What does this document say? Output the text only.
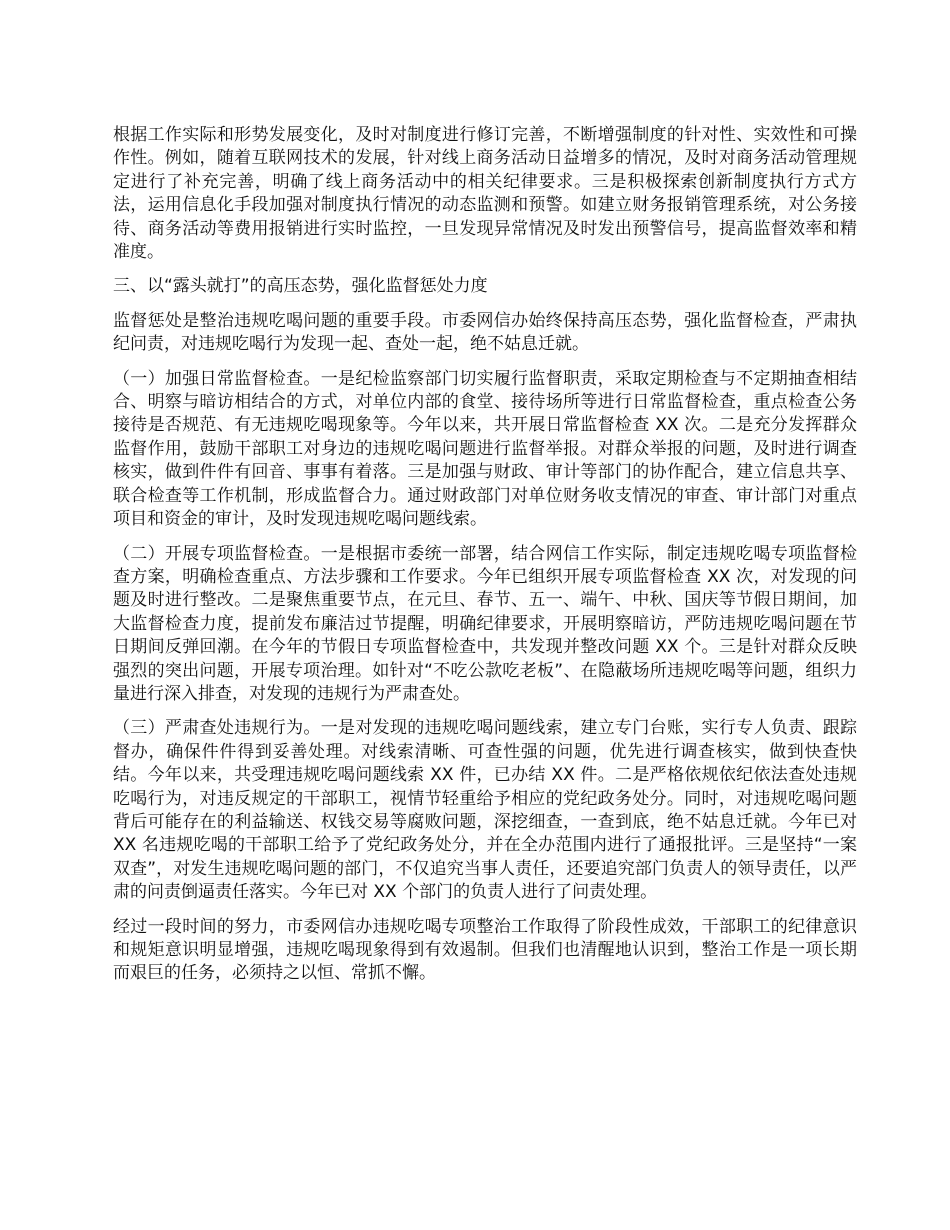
根据工作实际和形势发展变化，及时对制度进行修订完善，不断增强制度的针对性、实效性和可操作性。例如，随着互联网技术的发展，针对线上商务活动日益增多的情况，及时对商务活动管理规定进行了补充完善，明确了线上商务活动中的相关纪律要求。三是积极探索创新制度执行方式方法，运用信息化手段加强对制度执行情况的动态监测和预警。如建立财务报销管理系统，对公务接待、商务活动等费用报销进行实时监控，一旦发现异常情况及时发出预警信号，提高监督效率和精准度。

三、以“露头就打”的高压态势，强化监督惩处力度

监督惩处是整治违规吃喝问题的重要手段。市委网信办始终保持高压态势，强化监督检查，严肃执纪问责，对违规吃喝行为发现一起、查处一起，绝不姑息迁就。

（一）加强日常监督检查。一是纪检监察部门切实履行监督职责，采取定期检查与不定期抽查相结合、明察与暗访相结合的方式，对单位内部的食堂、接待场所等进行日常监督检查，重点检查公务接待是否规范、有无违规吃喝现象等。今年以来，共开展日常监督检查 XX 次。二是充分发挥群众监督作用，鼓励干部职工对身边的违规吃喝问题进行监督举报。对群众举报的问题，及时进行调查核实，做到件件有回音、事事有着落。三是加强与财政、审计等部门的协作配合，建立信息共享、联合检查等工作机制，形成监督合力。通过财政部门对单位财务收支情况的审查、审计部门对重点项目和资金的审计，及时发现违规吃喝问题线索。

（二）开展专项监督检查。一是根据市委统一部署，结合网信工作实际，制定违规吃喝专项监督检查方案，明确检查重点、方法步骤和工作要求。今年已组织开展专项监督检查 XX 次，对发现的问题及时进行整改。二是聚焦重要节点，在元旦、春节、五一、端午、中秋、国庆等节假日期间，加大监督检查力度，提前发布廉洁过节提醒，明确纪律要求，开展明察暗访，严防违规吃喝问题在节日期间反弹回潮。在今年的节假日专项监督检查中，共发现并整改问题 XX 个。三是针对群众反映强烈的突出问题，开展专项治理。如针对“不吃公款吃老板”、在隐蔽场所违规吃喝等问题，组织力量进行深入排查，对发现的违规行为严肃查处。

（三）严肃查处违规行为。一是对发现的违规吃喝问题线索，建立专门台账，实行专人负责、跟踪督办，确保件件得到妥善处理。对线索清晰、可查性强的问题，优先进行调查核实，做到快查快结。今年以来，共受理违规吃喝问题线索 XX 件，已办结 XX 件。二是严格依规依纪依法查处违规吃喝行为，对违反规定的干部职工，视情节轻重给予相应的党纪政务处分。同时，对违规吃喝问题背后可能存在的利益输送、权钱交易等腐败问题，深挖细查，一查到底，绝不姑息迁就。今年已对 XX 名违规吃喝的干部职工给予了党纪政务处分，并在全办范围内进行了通报批评。三是坚持“一案双查”，对发生违规吃喝问题的部门，不仅追究当事人责任，还要追究部门负责人的领导责任，以严肃的问责倒逼责任落实。今年已对 XX 个部门的负责人进行了问责处理。

经过一段时间的努力，市委网信办违规吃喝专项整治工作取得了阶段性成效，干部职工的纪律意识和规矩意识明显增强，违规吃喝现象得到有效遏制。但我们也清醒地认识到，整治工作是一项长期而艰巨的任务，必须持之以恒、常抓不懈。
